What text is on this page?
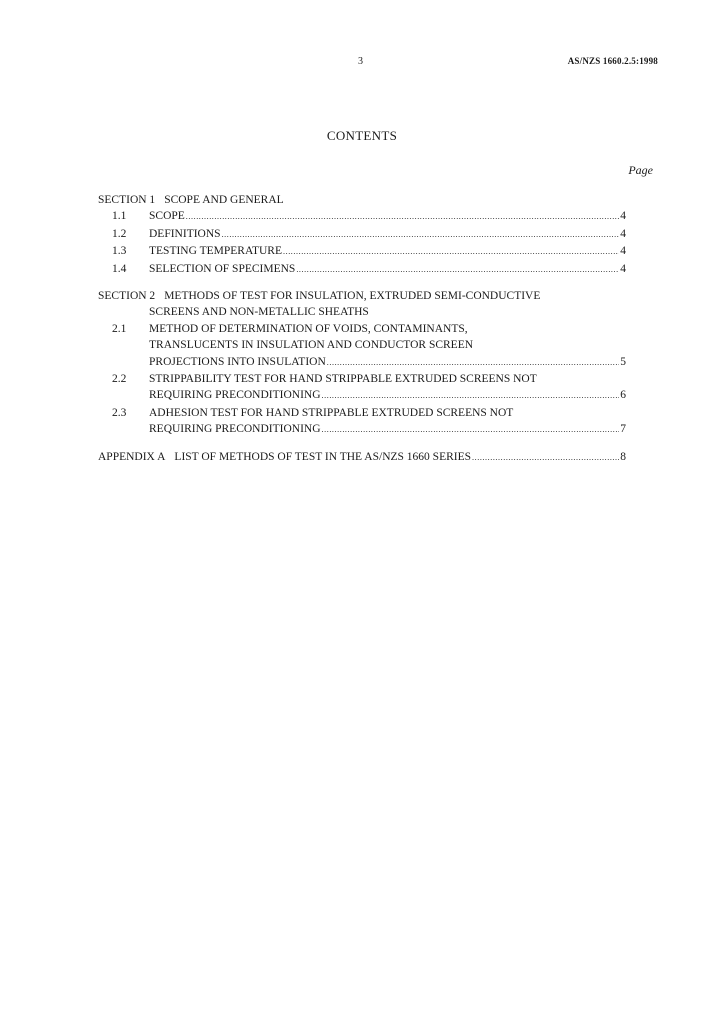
3	AS/NZS 1660.2.5:1998
CONTENTS
Page
SECTION 1 SCOPE AND GENERAL
1.1	SCOPE .....	4
1.2	DEFINITIONS .....	4
1.3	TESTING TEMPERATURE .....	4
1.4	SELECTION OF SPECIMENS .....	4
SECTION 2 METHODS OF TEST FOR INSULATION, EXTRUDED SEMI-CONDUCTIVE
SCREENS AND NON-METALLIC SHEATHS
2.1	METHOD OF DETERMINATION OF VOIDS, CONTAMINANTS,
TRANSLUCENTS IN INSULATION AND CONDUCTOR SCREEN
PROJECTIONS INTO INSULATION .....	5
2.2	STRIPPABILITY TEST FOR HAND STRIPPABLE EXTRUDED SCREENS NOT
REQUIRING PRECONDITIONING .....	6
2.3	ADHESION TEST FOR HAND STRIPPABLE EXTRUDED SCREENS NOT
REQUIRING PRECONDITIONING .....	7
APPENDIX A LIST OF METHODS OF TEST IN THE AS/NZS 1660 SERIES .....	8
